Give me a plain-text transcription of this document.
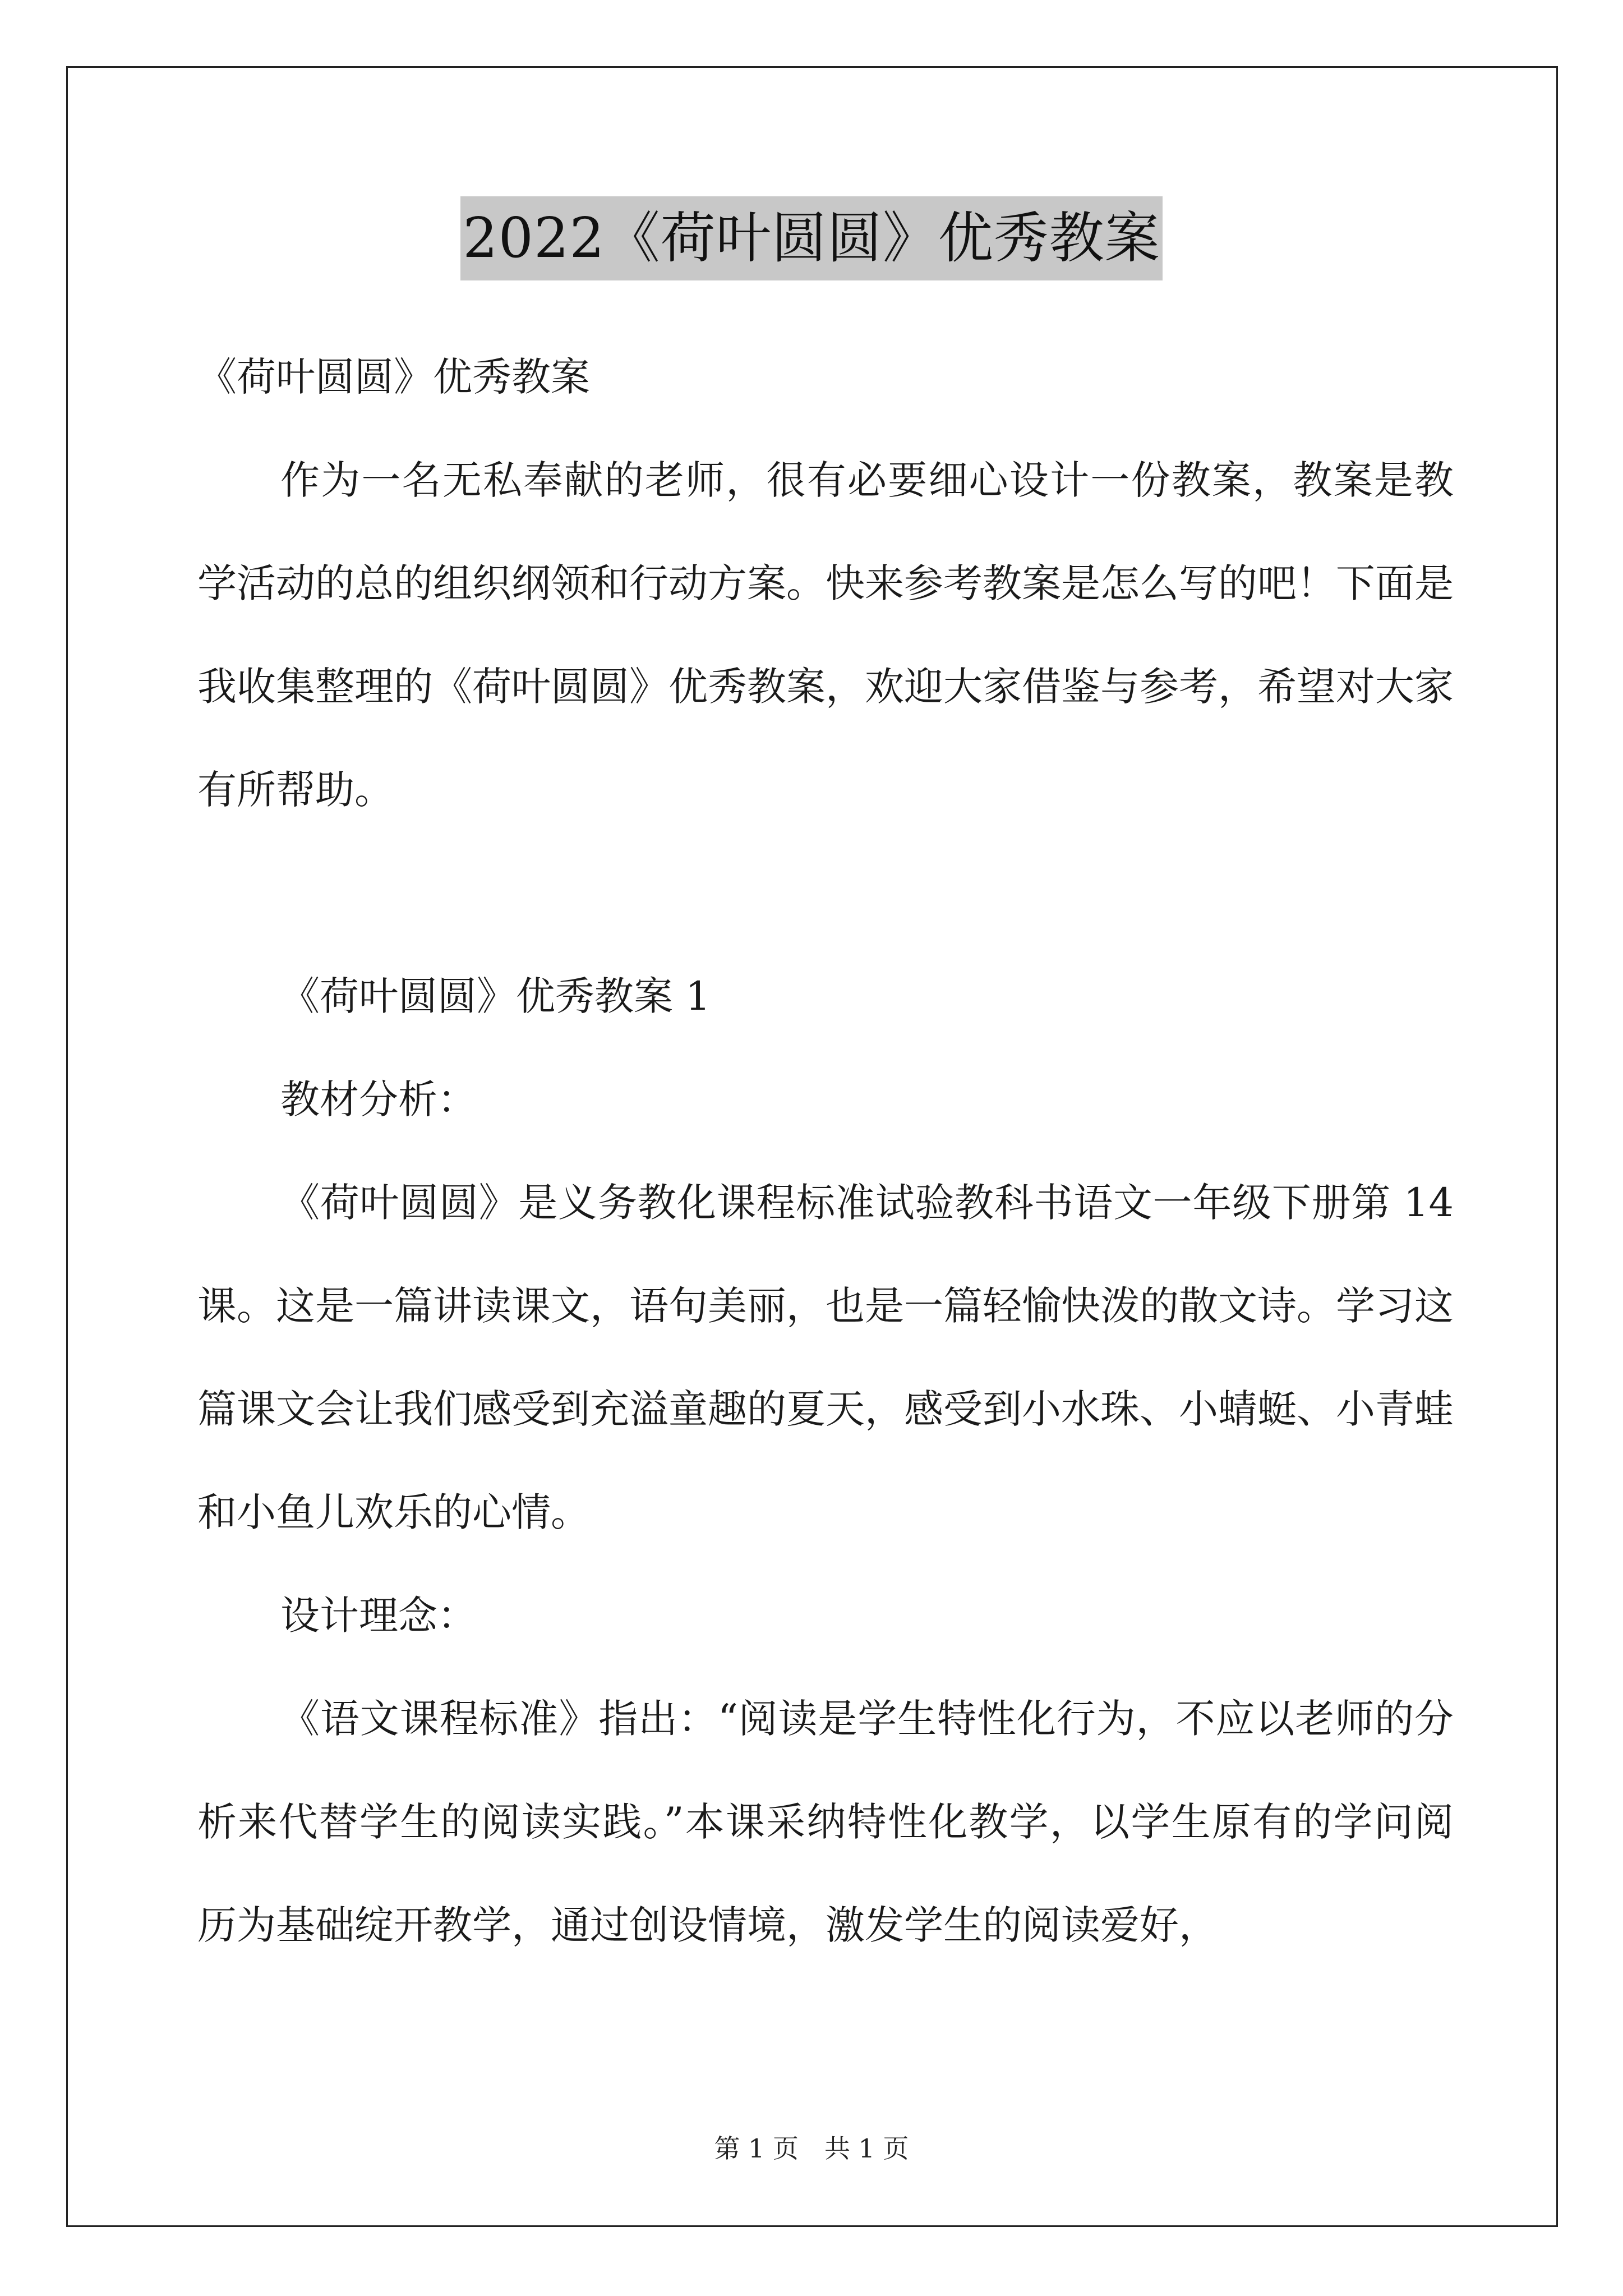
2022《荷叶圆圆》优秀教案

《荷叶圆圆》优秀教案

作为一名无私奉献的老师，很有必要细心设计一份教案，教案是教学活动的总的组织纲领和行动方案。快来参考教案是怎么写的吧！下面是我收集整理的《荷叶圆圆》优秀教案，欢迎大家借鉴与参考，希望对大家有所帮助。

《荷叶圆圆》优秀教案 1

教材分析：

《荷叶圆圆》是义务教化课程标准试验教科书语文一年级下册第 14 课。这是一篇讲读课文，语句美丽，也是一篇轻愉快泼的散文诗。学习这篇课文会让我们感受到充溢童趣的夏天，感受到小水珠、小蜻蜓、小青蛙和小鱼儿欢乐的心情。

设计理念：

《语文课程标准》指出：“阅读是学生特性化行为，不应以老师的分析来代替学生的阅读实践。”本课采纳特性化教学，以学生原有的学问阅历为基础绽开教学，通过创设情境，激发学生的阅读爱好，

第 1 页　共 1 页
